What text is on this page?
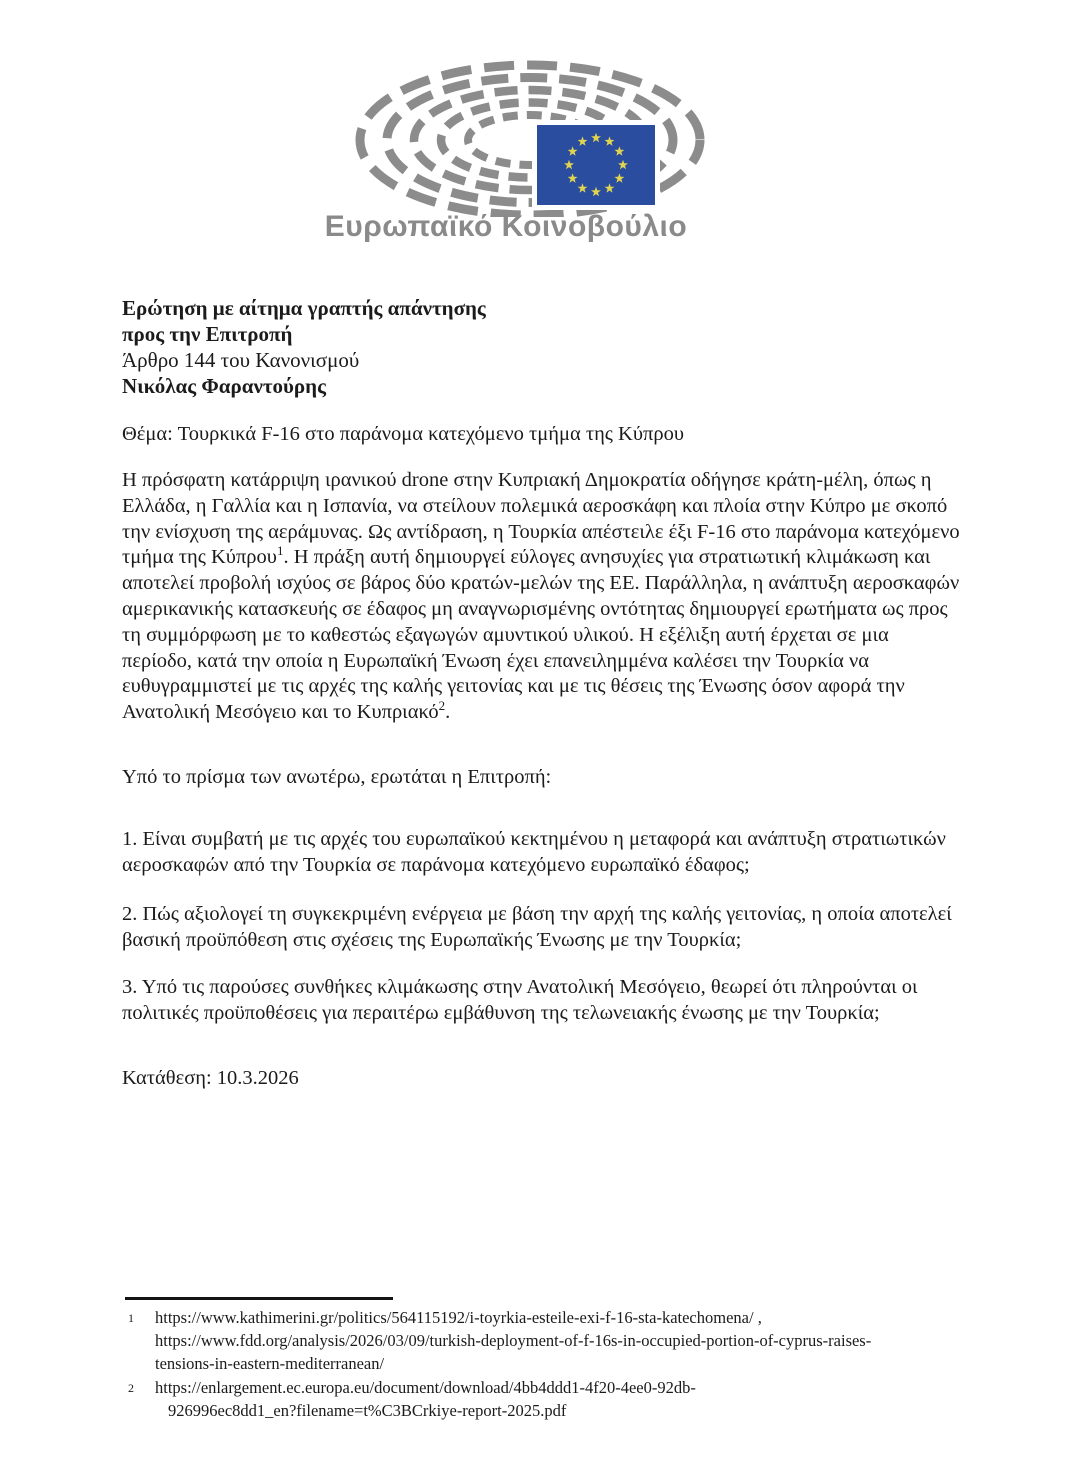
Ευρωπαϊκό Κοινοβούλιο
Ερώτηση με αίτημα γραπτής απάντησης
προς την Επιτροπή
Άρθρο 144 του Κανονισμού
Νικόλας Φαραντούρης
Θέμα: Τουρκικά F-16 στο παράνομα κατεχόμενο τμήμα της Κύπρου
Η πρόσφατη κατάρριψη ιρανικού drone στην Κυπριακή Δημοκρατία οδήγησε κράτη-μέλη, όπως η Ελλάδα, η Γαλλία και η Ισπανία, να στείλουν πολεμικά αεροσκάφη και πλοία στην Κύπρο με σκοπό την ενίσχυση της αεράμυνας. Ως αντίδραση, η Τουρκία απέστειλε έξι F-16 στο παράνομα κατεχόμενο τμήμα της Κύπρου$^1$. Η πράξη αυτή δημιουργεί εύλογες ανησυχίες για στρατιωτική κλιμάκωση και αποτελεί προβολή ισχύος σε βάρος δύο κρατών-μελών της ΕΕ. Παράλληλα, η ανάπτυξη αεροσκαφών αμερικανικής κατασκευής σε έδαφος μη αναγνωρισμένης οντότητας δημιουργεί ερωτήματα ως προς τη συμμόρφωση με το καθεστώς εξαγωγών αμυντικού υλικού. Η εξέλιξη αυτή έρχεται σε μια περίοδο, κατά την οποία η Ευρωπαϊκή Ένωση έχει επανειλημμένα καλέσει την Τουρκία να ευθυγραμμιστεί με τις αρχές της καλής γειτονίας και με τις θέσεις της Ένωσης όσον αφορά την Ανατολική Μεσόγειο και το Κυπριακό$^2$.
Υπό το πρίσμα των ανωτέρω, ερωτάται η Επιτροπή:
1. Είναι συμβατή με τις αρχές του ευρωπαϊκού κεκτημένου η μεταφορά και ανάπτυξη στρατιωτικών αεροσκαφών από την Τουρκία σε παράνομα κατεχόμενο ευρωπαϊκό έδαφος;
2. Πώς αξιολογεί τη συγκεκριμένη ενέργεια με βάση την αρχή της καλής γειτονίας, η οποία αποτελεί βασική προϋπόθεση στις σχέσεις της Ευρωπαϊκής Ένωσης με την Τουρκία;
3. Υπό τις παρούσες συνθήκες κλιμάκωσης στην Ανατολική Μεσόγειο, θεωρεί ότι πληρούνται οι πολιτικές προϋποθέσεις για περαιτέρω εμβάθυνση της τελωνειακής ένωσης με την Τουρκία;
Κατάθεση: 10.3.2026
1	https://www.kathimerini.gr/politics/564115192/i-toyrkia-esteile-exi-f-16-sta-katechomena/ ,
https://www.fdd.org/analysis/2026/03/09/turkish-deployment-of-f-16s-in-occupied-portion-of-cyprus-raises-
tensions-in-eastern-mediterranean/
2	https://enlargement.ec.europa.eu/document/download/4bb4ddd1-4f20-4ee0-92db-
926996ec8dd1_en?filename=t%C3BCrkiye-report-2025.pdf
